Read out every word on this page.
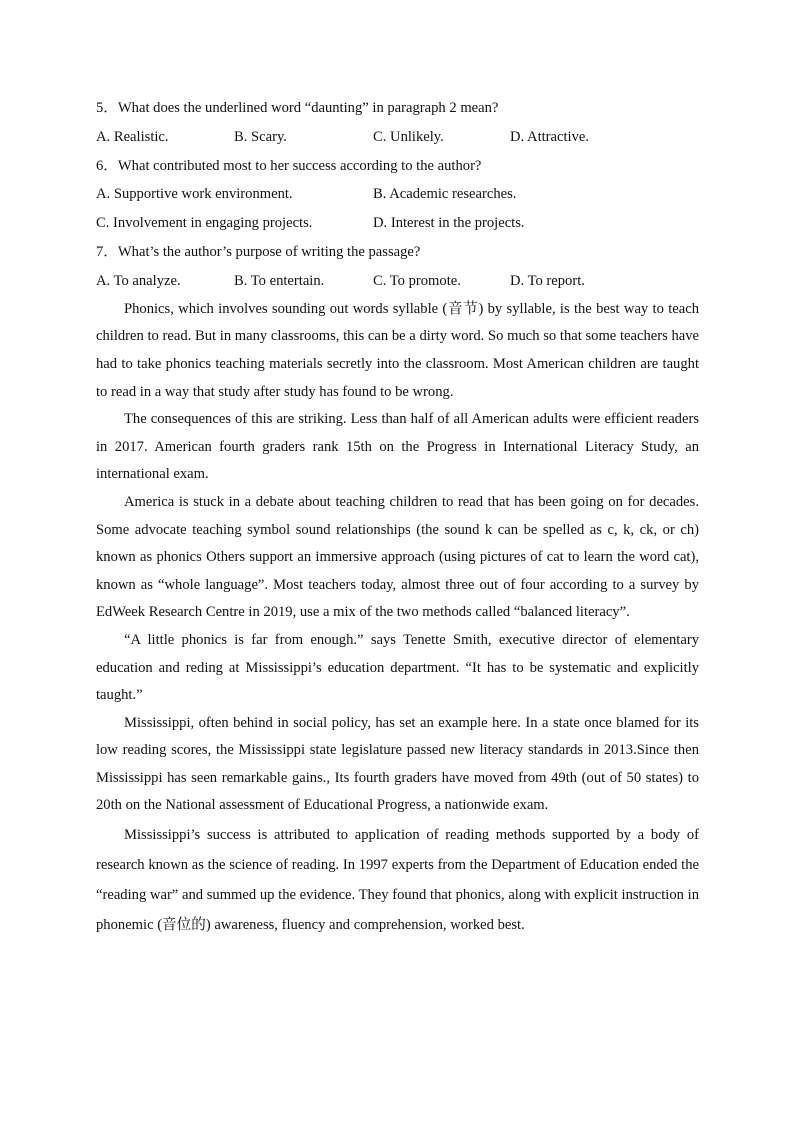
5．What does the underlined word “daunting” in paragraph 2 mean?
A. Realistic.	B. Scary.	C. Unlikely.	D. Attractive.
6．What contributed most to her success according to the author?
A. Supportive work environment.	B. Academic researches.
C. Involvement in engaging projects.	D. Interest in the projects.
7．What’s the author’s purpose of writing the passage?
A. To analyze.	B. To entertain.	C. To promote.	D. To report.

Phonics, which involves sounding out words syllable (音节) by syllable, is the best way to teach children to read. But in many classrooms, this can be a dirty word. So much so that some teachers have had to take phonics teaching materials secretly into the classroom. Most American children are taught to read in a way that study after study has found to be wrong.

The consequences of this are striking. Less than half of all American adults were efficient readers in 2017. American fourth graders rank 15th on the Progress in International Literacy Study, an international exam.

America is stuck in a debate about teaching children to read that has been going on for decades. Some advocate teaching symbol sound relationships (the sound k can be spelled as c, k, ck, or ch) known as phonics Others support an immersive approach (using pictures of cat to learn the word cat), known as “whole language”. Most teachers today, almost three out of four according to a survey by EdWeek Research Centre in 2019, use a mix of the two methods called “balanced literacy”.

“A little phonics is far from enough.” says Tenette Smith, executive director of elementary education and reding at Mississippi’s education department. “It has to be systematic and explicitly taught.”

Mississippi, often behind in social policy, has set an example here. In a state once blamed for its low reading scores, the Mississippi state legislature passed new literacy standards in 2013.Since then Mississippi has seen remarkable gains., Its fourth graders have moved from 49th (out of 50 states) to 20th on the National assessment of Educational Progress, a nationwide exam.

Mississippi’s success is attributed to application of reading methods supported by a body of research known as the science of reading. In 1997 experts from the Department of Education ended the “reading war” and summed up the evidence. They found that phonics, along with explicit instruction in phonemic (音位的) awareness, fluency and comprehension, worked best.
